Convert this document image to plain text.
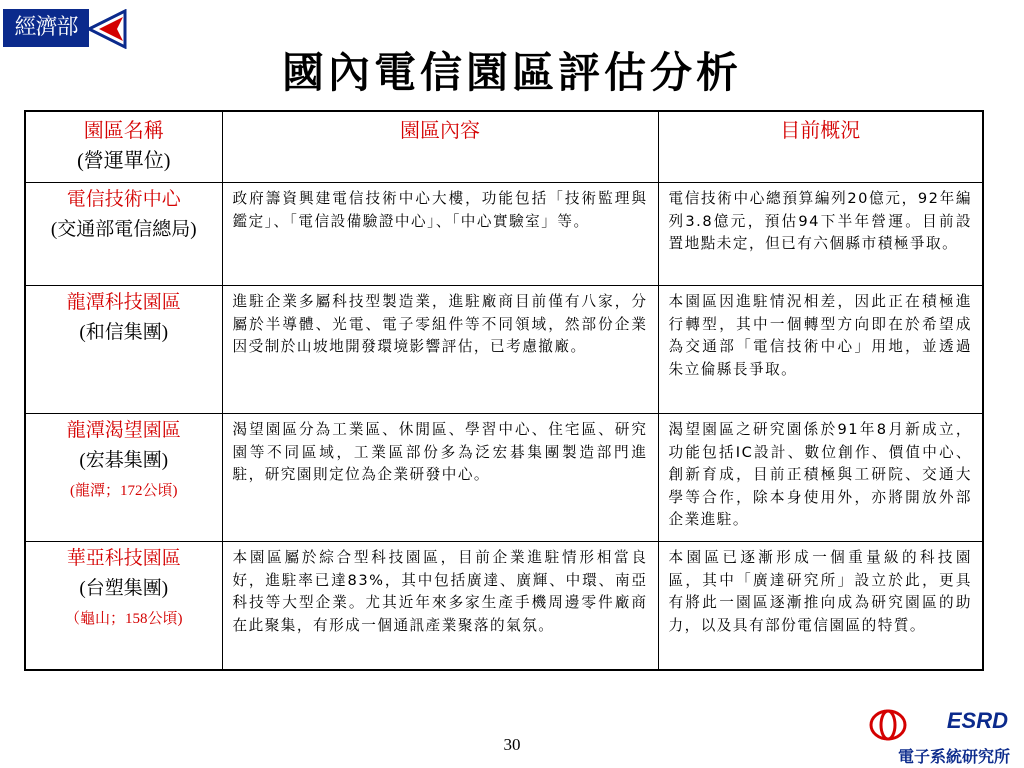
經濟部
國內電信園區評估分析
園區名稱
(營運單位)	園區內容	目前概況

電信技術中心
(交通部電信總局)	政府籌資興建電信技術中心大樓，功能包括「技術監理與鑑定」、「電信設備驗證中心」、「中心實驗室」等。	電信技術中心總預算編列20億元，92年編列3.8億元，預估94下半年營運。目前設置地點未定，但已有六個縣市積極爭取。

龍潭科技園區
(和信集團)	進駐企業多屬科技型製造業，進駐廠商目前僅有八家，分屬於半導體、光電、電子零組件等不同領域，然部份企業因受制於山坡地開發環境影響評估，已考慮撤廠。	本園區因進駐情況相差，因此正在積極進行轉型，其中一個轉型方向即在於希望成為交通部「電信技術中心」用地，並透過朱立倫縣長爭取。

龍潭渴望園區
(宏碁集團)
(龍潭；172公頃)	渴望園區分為工業區、休閒區、學習中心、住宅區、研究園等不同區域，工業區部份多為泛宏碁集團製造部門進駐，研究園則定位為企業研發中心。	渴望園區之研究園係於91年8月新成立，功能包括IC設計、數位創作、價值中心、創新育成，目前正積極與工研院、交通大學等合作，除本身使用外，亦將開放外部企業進駐。

華亞科技園區
(台塑集團)
（龜山；158公頃)	本園區屬於綜合型科技園區，目前企業進駐情形相當良好，進駐率已達83%，其中包括廣達、廣輝、中環、南亞科技等大型企業。尤其近年來多家生產手機周邊零件廠商在此聚集，有形成一個通訊產業聚落的氣氛。	本園區已逐漸形成一個重量級的科技園區，其中「廣達研究所」設立於此，更具有將此一園區逐漸推向成為研究園區的助力，以及具有部份電信園區的特質。
30
ESRD
電子系統研究所
